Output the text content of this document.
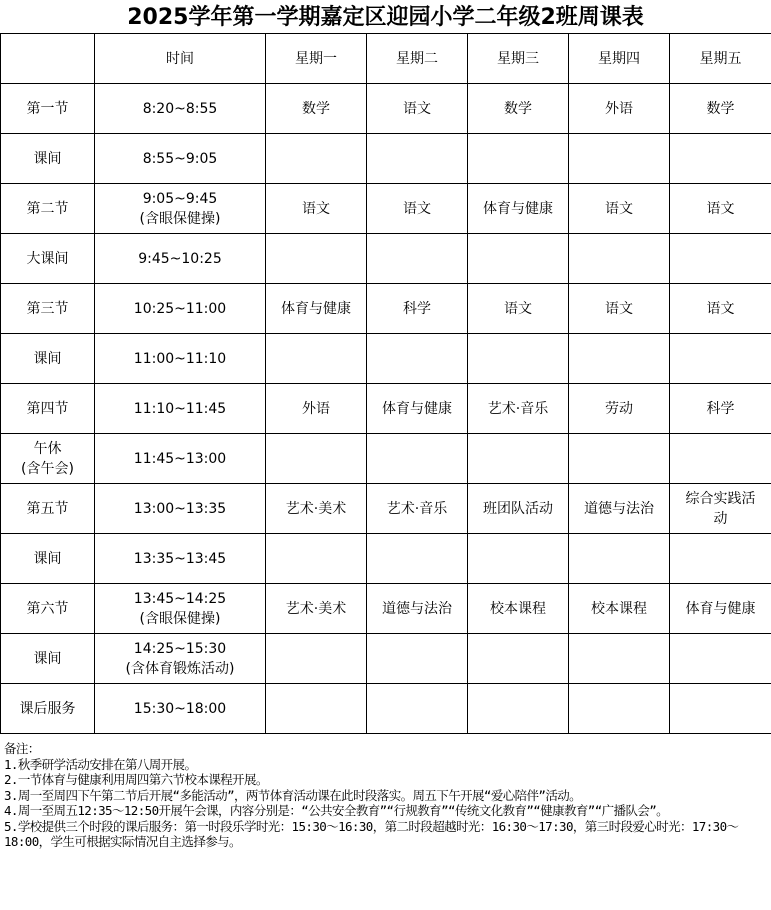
2025学年第一学期嘉定区迎园小学二年级2班周课表
	时间	星期一	星期二	星期三	星期四	星期五

第一节	8:20~8:55	数学	语文	数学	外语	数学

课间	8:55~9:05					

第二节	9:05~9:45
(含眼保健操)	语文	语文	体育与健康	语文	语文

大课间	9:45~10:25					

第三节	10:25~11:00	体育与健康	科学	语文	语文	语文

课间	11:00~11:10					

第四节	11:10~11:45	外语	体育与健康	艺术·音乐	劳动	科学

午休
(含午会)	11:45~13:00					

第五节	13:00~13:35	艺术·美术	艺术·音乐	班团队活动	道德与法治	综合实践活动

课间	13:35~13:45					

第六节	13:45~14:25
(含眼保健操)	艺术·美术	道德与法治	校本课程	校本课程	体育与健康

课间	14:25~15:30
(含体育锻炼活动)					

课后服务	15:30~18:00					

备注：
1.秋季研学活动安排在第八周开展。
2.一节体育与健康利用周四第六节校本课程开展。
3.周一至周四下午第二节后开展“多能活动”，两节体育活动课在此时段落实。周五下午开展“爱心陪伴”活动。
4.周一至周五12:35～12:50开展午会课，内容分别是：“公共安全教育”“行规教育”“传统文化教育”“健康教育”“广播队会”。
5.学校提供三个时段的课后服务：第一时段乐学时光：15:30～16:30，第二时段超越时光：16:30～17:30，第三时段爱心时光：17:30～18:00，学生可根据实际情况自主选择参与。
